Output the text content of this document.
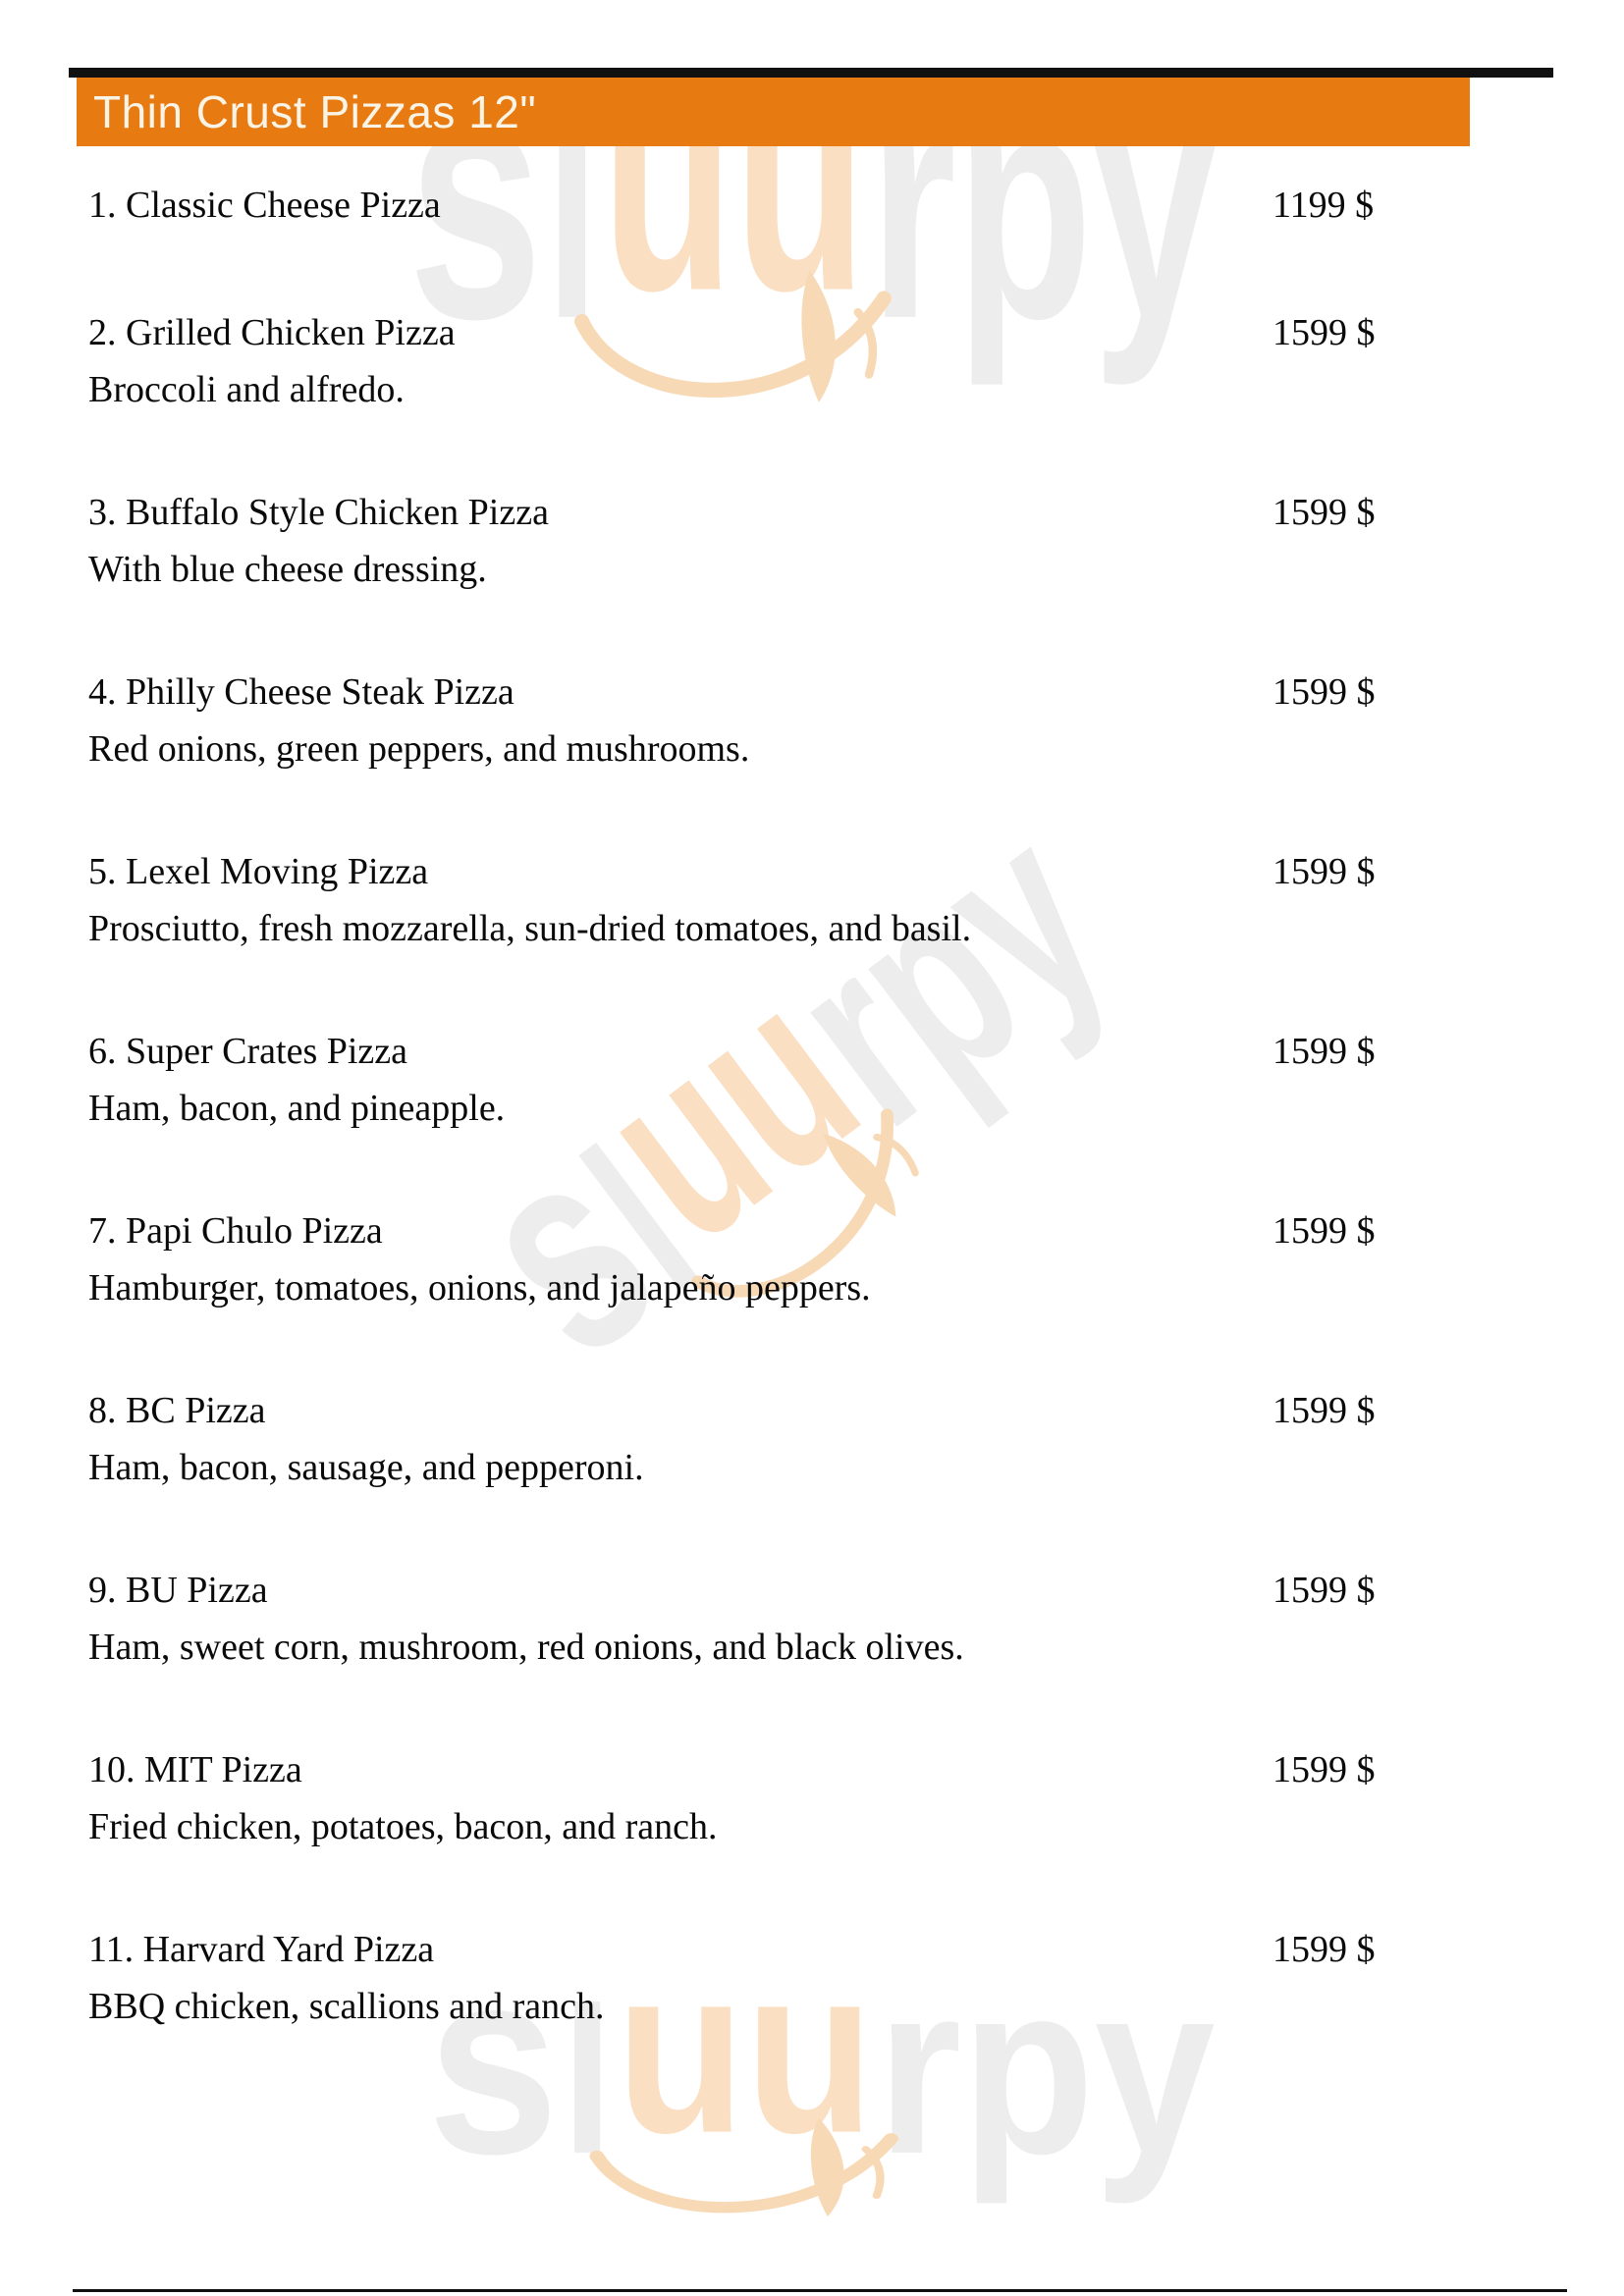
Thin Crust Pizzas 12"
1. Classic Cheese Pizza	1199 $
2. Grilled Chicken Pizza	1599 $
Broccoli and alfredo.
3. Buffalo Style Chicken Pizza	1599 $
With blue cheese dressing.
4. Philly Cheese Steak Pizza	1599 $
Red onions, green peppers, and mushrooms.
5. Lexel Moving Pizza	1599 $
Prosciutto, fresh mozzarella, sun-dried tomatoes, and basil.
6. Super Crates Pizza	1599 $
Ham, bacon, and pineapple.
7. Papi Chulo Pizza	1599 $
Hamburger, tomatoes, onions, and jalapeño peppers.
8. BC Pizza	1599 $
Ham, bacon, sausage, and pepperoni.
9. BU Pizza	1599 $
Ham, sweet corn, mushroom, red onions, and black olives.
10. MIT Pizza	1599 $
Fried chicken, potatoes, bacon, and ranch.
11. Harvard Yard Pizza	1599 $
BBQ chicken, scallions and ranch.
